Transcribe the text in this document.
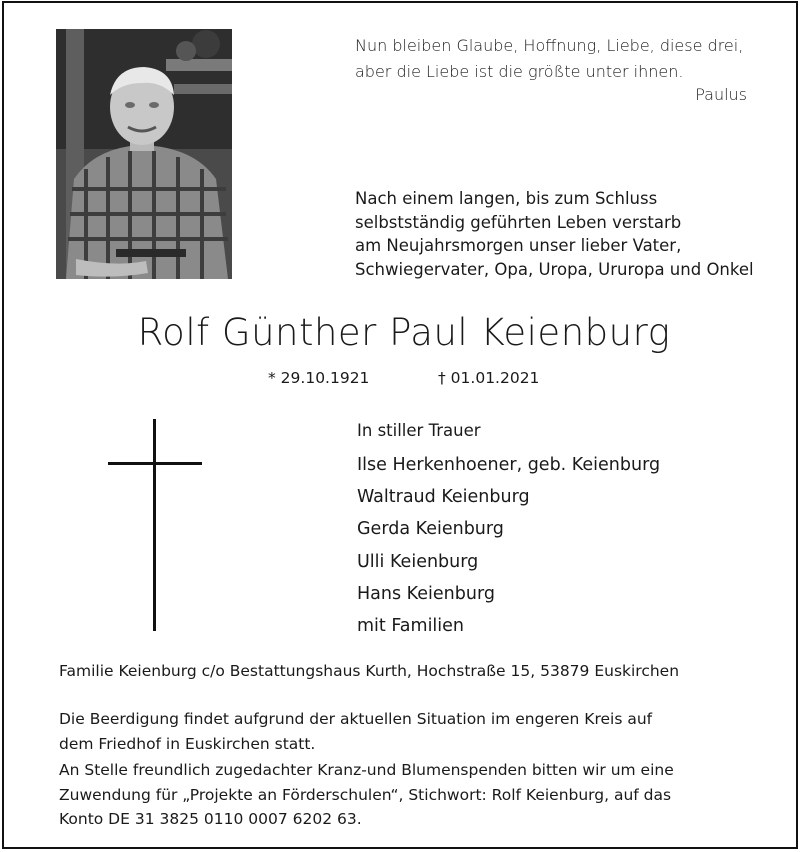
Nun bleiben Glaube, Hoffnung, Liebe, diese drei,
aber die Liebe ist die größte unter ihnen.
Paulus
Nach einem langen, bis zum Schluss
selbstständig geführten Leben verstarb
am Neujahrsmorgen unser lieber Vater,
Schwiegervater, Opa, Uropa, Ururopa und Onkel
Rolf Günther Paul Keienburg
* 29.10.1921	† 01.01.2021
In stiller Trauer
Ilse Herkenhoener, geb. Keienburg
Waltraud Keienburg
Gerda Keienburg
Ulli Keienburg
Hans Keienburg
mit Familien
Familie Keienburg c/o Bestattungshaus Kurth, Hochstraße 15, 53879 Euskirchen

Die Beerdigung findet aufgrund der aktuellen Situation im engeren Kreis auf
dem Friedhof in Euskirchen statt.

An Stelle freundlich zugedachter Kranz-und Blumenspenden bitten wir um eine
Zuwendung für „Projekte an Förderschulen“, Stichwort: Rolf Keienburg, auf das
Konto DE 31 3825 0110 0007 6202 63.
